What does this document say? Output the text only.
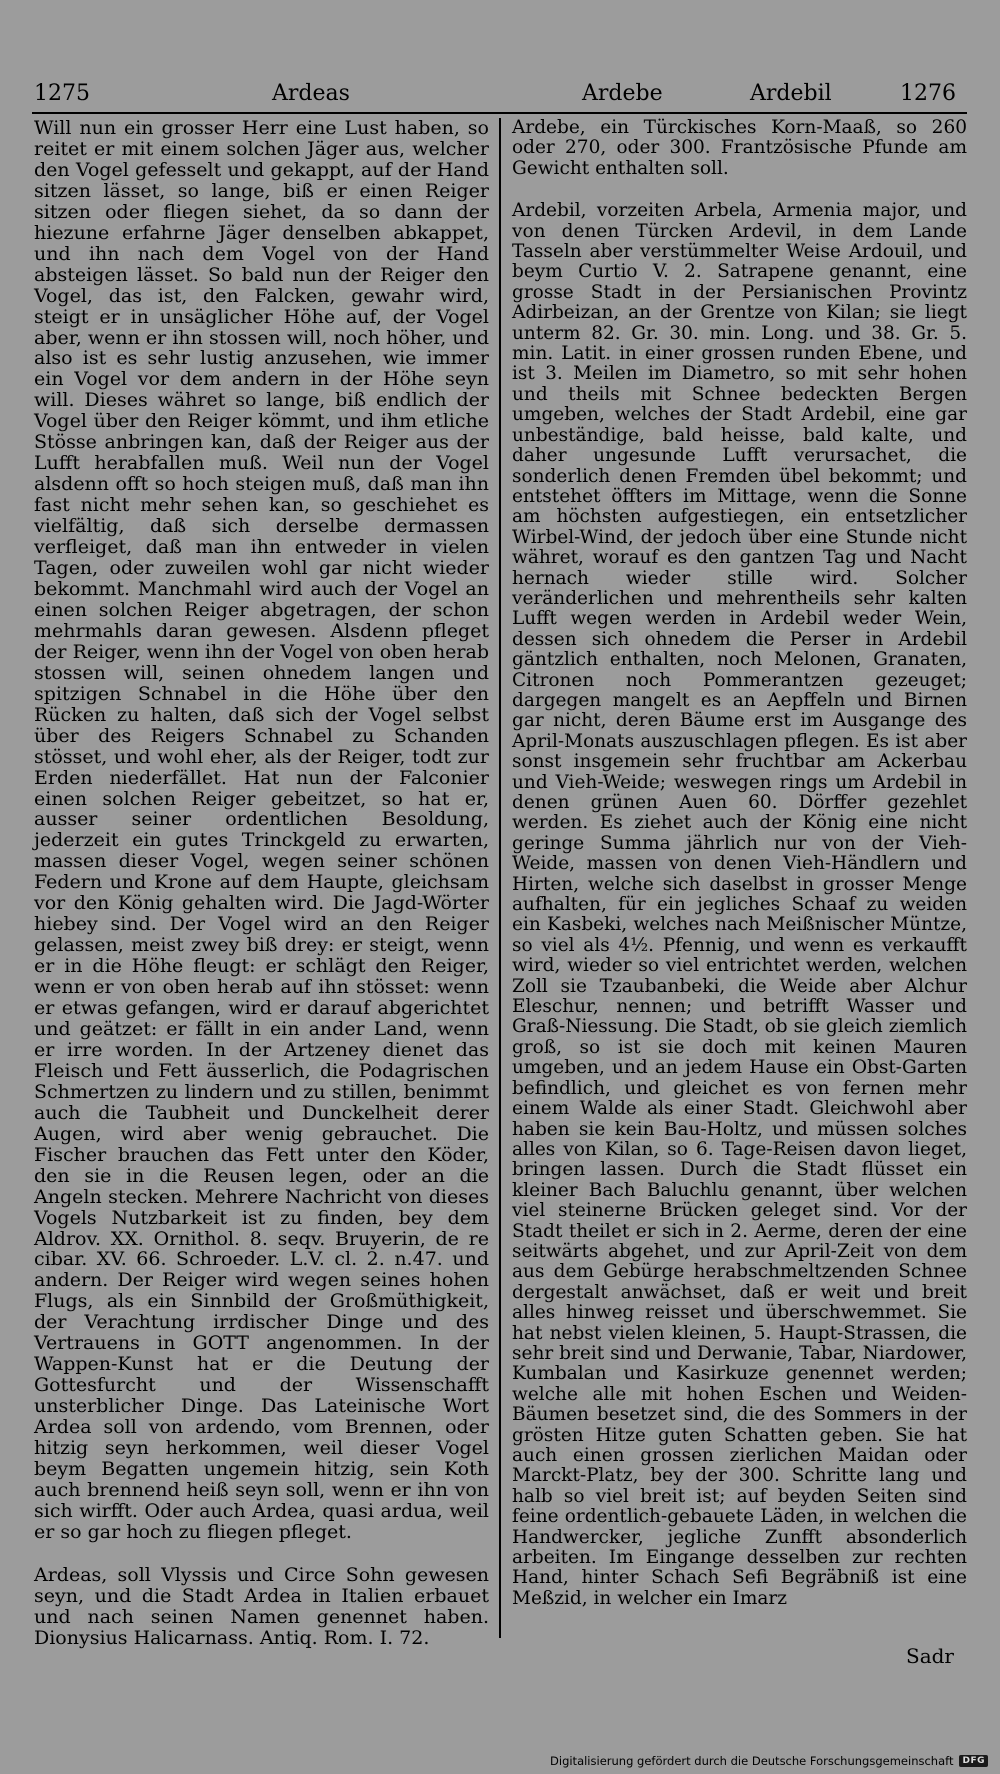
1275	Ardeas	Ardebe	Ardebil	1276

Will nun ein grosser Herr eine Lust haben, so reitet er mit einem solchen Jäger aus, welcher den Vogel gefesselt und gekappt, auf der Hand sitzen lässet, so lange, biß er einen Reiger sitzen oder fliegen siehet, da so dann der hiezune erfahrne Jäger denselben abkappet, und ihn nach dem Vogel von der Hand absteigen lässet. So bald nun der Reiger den Vogel, das ist, den Falcken, gewahr wird, steigt er in unsäglicher Höhe auf, der Vogel aber, wenn er ihn stossen will, noch höher, und also ist es sehr lustig anzusehen, wie immer ein Vogel vor dem andern in der Höhe seyn will. Dieses währet so lange, biß endlich der Vogel über den Reiger kömmt, und ihm etliche Stösse anbringen kan, daß der Reiger aus der Lufft herabfallen muß. Weil nun der Vogel alsdenn offt so hoch steigen muß, daß man ihn fast nicht mehr sehen kan, so geschiehet es vielfältig, daß sich derselbe dermassen verfleiget, daß man ihn entweder in vielen Tagen, oder zuweilen wohl gar nicht wieder bekommt. Manchmahl wird auch der Vogel an einen solchen Reiger abgetragen, der schon mehrmahls daran gewesen. Alsdenn pfleget der Reiger, wenn ihn der Vogel von oben herab stossen will, seinen ohnedem langen und spitzigen Schnabel in die Höhe über den Rücken zu halten, daß sich der Vogel selbst über des Reigers Schnabel zu Schanden stösset, und wohl eher, als der Reiger, todt zur Erden niederfället. Hat nun der Falconier einen solchen Reiger gebeitzet, so hat er, ausser seiner ordentlichen Besoldung, jederzeit ein gutes Trinckgeld zu erwarten, massen dieser Vogel, wegen seiner schönen Federn und Krone auf dem Haupte, gleichsam vor den König gehalten wird. Die Jagd-Wörter hiebey sind. Der Vogel wird an den Reiger gelassen, meist zwey biß drey: er steigt, wenn er in die Höhe fleugt: er schlägt den Reiger, wenn er von oben herab auf ihn stösset: wenn er etwas gefangen, wird er darauf abgerichtet und geätzet: er fällt in ein ander Land, wenn er irre worden. In der Artzeney dienet das Fleisch und Fett äusserlich, die Podagrischen Schmertzen zu lindern und zu stillen, benimmt auch die Taubheit und Dunckelheit derer Augen, wird aber wenig gebrauchet. Die Fischer brauchen das Fett unter den Köder, den sie in die Reusen legen, oder an die Angeln stecken. Mehrere Nachricht von dieses Vogels Nutzbarkeit ist zu finden, bey dem Aldrov. XX. Ornithol. 8. seqv. Bruyerin, de re cibar. XV. 66. Schroeder. L.V. cl. 2. n.47. und andern. Der Reiger wird wegen seines hohen Flugs, als ein Sinnbild der Großmüthigkeit, der Verachtung irrdischer Dinge und des Vertrauens in GOTT angenommen. In der Wappen-Kunst hat er die Deutung der Gottesfurcht und der Wissenschafft unsterblicher Dinge. Das Lateinische Wort Ardea soll von ardendo, vom Brennen, oder hitzig seyn herkommen, weil dieser Vogel beym Begatten ungemein hitzig, sein Koth auch brennend heiß seyn soll, wenn er ihn von sich wirfft. Oder auch Ardea, quasi ardua, weil er so gar hoch zu fliegen pfleget.

Ardeas, soll Vlyssis und Circe Sohn gewesen seyn, und die Stadt Ardea in Italien erbauet und nach seinen Namen genennet haben. Dionysius Halicarnass. Antiq. Rom. I. 72.

Ardebe, ein Türckisches Korn-Maaß, so 260 oder 270, oder 300. Frantzösische Pfunde am Gewicht enthalten soll.

Ardebil, vorzeiten Arbela, Armenia major, und von denen Türcken Ardevil, in dem Lande Tasseln aber verstümmelter Weise Ardouil, und beym Curtio V. 2. Satrapene genannt, eine grosse Stadt in der Persianischen Provintz Adirbeizan, an der Grentze von Kilan; sie liegt unterm 82. Gr. 30. min. Long. und 38. Gr. 5. min. Latit. in einer grossen runden Ebene, und ist 3. Meilen im Diametro, so mit sehr hohen und theils mit Schnee bedeckten Bergen umgeben, welches der Stadt Ardebil, eine gar unbeständige, bald heisse, bald kalte, und daher ungesunde Lufft verursachet, die sonderlich denen Fremden übel bekommt; und entstehet öffters im Mittage, wenn die Sonne am höchsten aufgestiegen, ein entsetzlicher Wirbel-Wind, der jedoch über eine Stunde nicht währet, worauf es den gantzen Tag und Nacht hernach wieder stille wird. Solcher veränderlichen und mehrentheils sehr kalten Lufft wegen werden in Ardebil weder Wein, dessen sich ohnedem die Perser in Ardebil gäntzlich enthalten, noch Melonen, Granaten, Citronen noch Pommerantzen gezeuget; dargegen mangelt es an Aepffeln und Birnen gar nicht, deren Bäume erst im Ausgange des April-Monats auszuschlagen pflegen. Es ist aber sonst insgemein sehr fruchtbar am Ackerbau und Vieh-Weide; weswegen rings um Ardebil in denen grünen Auen 60. Dörffer gezehlet werden. Es ziehet auch der König eine nicht geringe Summa jährlich nur von der Vieh-Weide, massen von denen Vieh-Händlern und Hirten, welche sich daselbst in grosser Menge aufhalten, für ein jegliches Schaaf zu weiden ein Kasbeki, welches nach Meißnischer Müntze, so viel als 4½. Pfennig, und wenn es verkaufft wird, wieder so viel entrichtet werden, welchen Zoll sie Tzaubanbeki, die Weide aber Alchur Eleschur, nennen; und betrifft Wasser und Graß-Niessung. Die Stadt, ob sie gleich ziemlich groß, so ist sie doch mit keinen Mauren umgeben, und an jedem Hause ein Obst-Garten befindlich, und gleichet es von fernen mehr einem Walde als einer Stadt. Gleichwohl aber haben sie kein Bau-Holtz, und müssen solches alles von Kilan, so 6. Tage-Reisen davon lieget, bringen lassen. Durch die Stadt flüsset ein kleiner Bach Baluchlu genannt, über welchen viel steinerne Brücken geleget sind. Vor der Stadt theilet er sich in 2. Aerme, deren der eine seitwärts abgehet, und zur April-Zeit von dem aus dem Gebürge herabschmeltzenden Schnee dergestalt anwächset, daß er weit und breit alles hinweg reisset und überschwemmet. Sie hat nebst vielen kleinen, 5. Haupt-Strassen, die sehr breit sind und Derwanie, Tabar, Niardower, Kumbalan und Kasirkuze genennet werden; welche alle mit hohen Eschen und Weiden-Bäumen besetzet sind, die des Sommers in der grösten Hitze guten Schatten geben. Sie hat auch einen grossen zierlichen Maidan oder Marckt-Platz, bey der 300. Schritte lang und halb so viel breit ist; auf beyden Seiten sind feine ordentlich-gebauete Läden, in welchen die Handwercker, jegliche Zunfft absonderlich arbeiten. Im Eingange desselben zur rechten Hand, hinter Schach Sefi Begräbniß ist eine Meßzid, in welcher ein Imarz

Sadr
Digitalisierung gefördert durch die Deutsche Forschungsgemeinschaft	DFG
